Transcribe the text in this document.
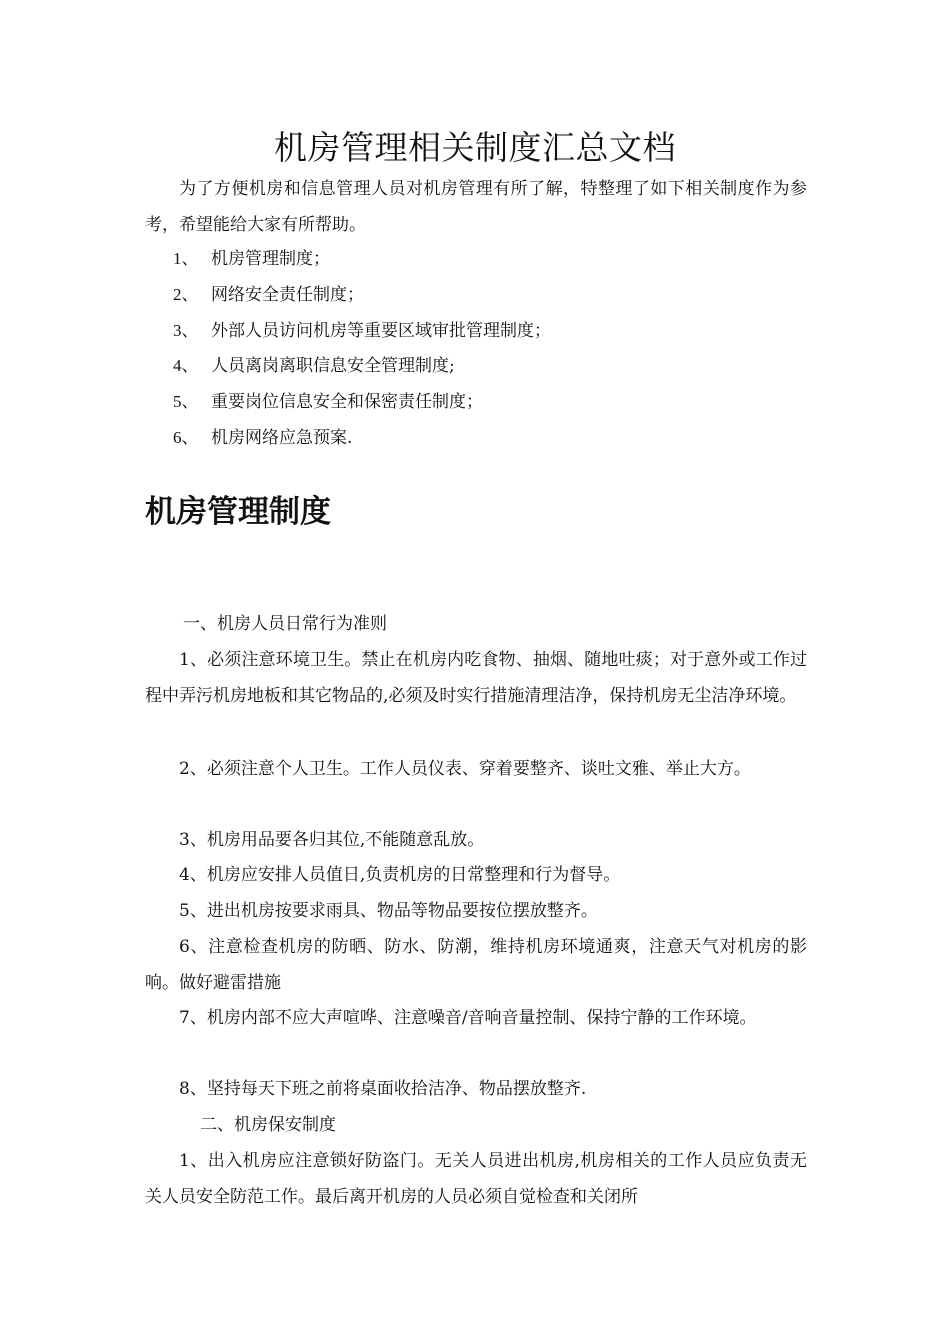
机房管理相关制度汇总文档

为了方便机房和信息管理人员对机房管理有所了解，特整理了如下相关制度作为参考，希望能给大家有所帮助。

1、 机房管理制度；
2、 网络安全责任制度；
3、 外部人员访问机房等重要区域审批管理制度；
4、 人员离岗离职信息安全管理制度;
5、 重要岗位信息安全和保密责任制度；
6、 机房网络应急预案.
机房管理制度

一、机房人员日常行为准则

1、必须注意环境卫生。禁止在机房内吃食物、抽烟、随地吐痰；对于意外或工作过程中弄污机房地板和其它物品的,必须及时实行措施清理洁净，保持机房无尘洁净环境。

2、必须注意个人卫生。工作人员仪表、穿着要整齐、谈吐文雅、举止大方。

3、机房用品要各归其位,不能随意乱放。

4、机房应安排人员值日,负责机房的日常整理和行为督导。

5、进出机房按要求雨具、物品等物品要按位摆放整齐。

6、注意检查机房的防晒、防水、防潮，维持机房环境通爽，注意天气对机房的影响。做好避雷措施

7、机房内部不应大声喧哗、注意噪音/音响音量控制、保持宁静的工作环境。

8、坚持每天下班之前将桌面收拾洁净、物品摆放整齐.

二、机房保安制度

1、出入机房应注意锁好防盗门。无关人员进出机房,机房相关的工作人员应负责无关人员安全防范工作。最后离开机房的人员必须自觉检查和关闭所
